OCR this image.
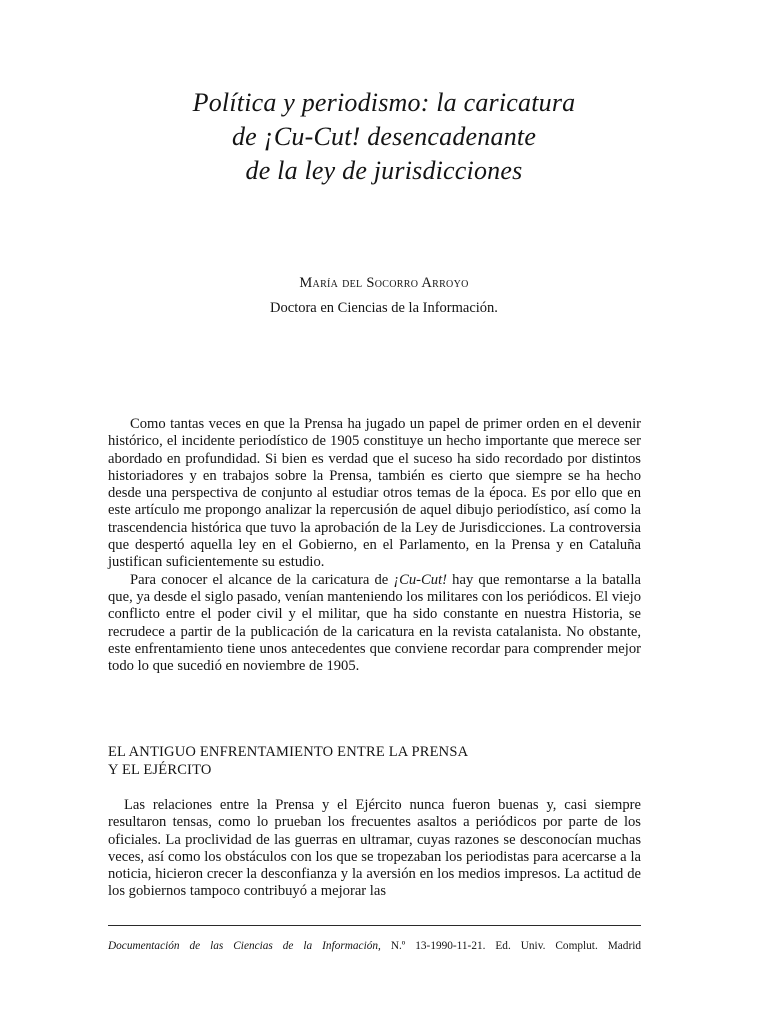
Política y periodismo: la caricatura
de ¡Cu-Cut! desencadenante
de la ley de jurisdicciones
María del Socorro Arroyo
Doctora en Ciencias de la Información.

Como tantas veces en que la Prensa ha jugado un papel de primer orden en el devenir histórico, el incidente periodístico de 1905 constituye un hecho importante que merece ser abordado en profundidad. Si bien es verdad que el suceso ha sido recordado por distintos historiadores y en trabajos sobre la Prensa, también es cierto que siempre se ha hecho desde una perspectiva de conjunto al estudiar otros temas de la época. Es por ello que en este artículo me propongo analizar la repercusión de aquel dibujo periodístico, así como la trascendencia histórica que tuvo la aprobación de la Ley de Jurisdicciones. La controversia que despertó aquella ley en el Gobierno, en el Parlamento, en la Prensa y en Cataluña justifican suficientemente su estudio.

Para conocer el alcance de la caricatura de ¡Cu-Cut! hay que remontarse a la batalla que, ya desde el siglo pasado, venían manteniendo los militares con los periódicos. El viejo conflicto entre el poder civil y el militar, que ha sido constante en nuestra Historia, se recrudece a partir de la publicación de la caricatura en la revista catalanista. No obstante, este enfrentamiento tiene unos antecedentes que conviene recordar para comprender mejor todo lo que sucedió en noviembre de 1905.

EL ANTIGUO ENFRENTAMIENTO ENTRE LA PRENSA
Y EL EJÉRCITO

Las relaciones entre la Prensa y el Ejército nunca fueron buenas y, casi siempre resultaron tensas, como lo prueban los frecuentes asaltos a periódicos por parte de los oficiales. La proclividad de las guerras en ultramar, cuyas razones se desconocían muchas veces, así como los obstáculos con los que se tropezaban los periodistas para acercarse a la noticia, hicieron crecer la desconfianza y la aversión en los medios impresos. La actitud de los gobiernos tampoco contribuyó a mejorar las

Documentación de las Ciencias de la Información, N.º 13-1990-11-21. Ed. Univ. Complut. Madrid
